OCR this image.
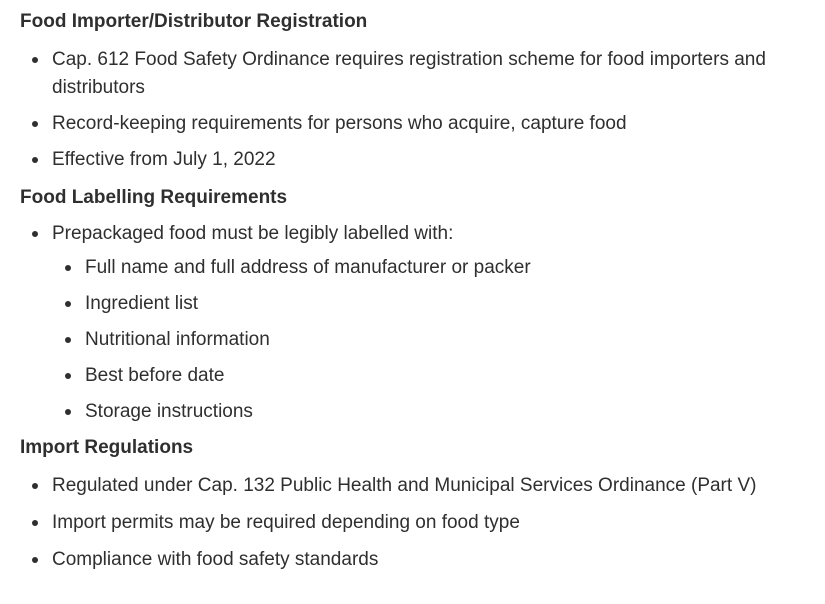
Food Importer/Distributor Registration
Cap. 612 Food Safety Ordinance requires registration scheme for food importers and distributors
Record-keeping requirements for persons who acquire, capture food
Effective from July 1, 2022
Food Labelling Requirements
Prepackaged food must be legibly labelled with:
Full name and full address of manufacturer or packer
Ingredient list
Nutritional information
Best before date
Storage instructions
Import Regulations
Regulated under Cap. 132 Public Health and Municipal Services Ordinance (Part V)
Import permits may be required depending on food type
Compliance with food safety standards
